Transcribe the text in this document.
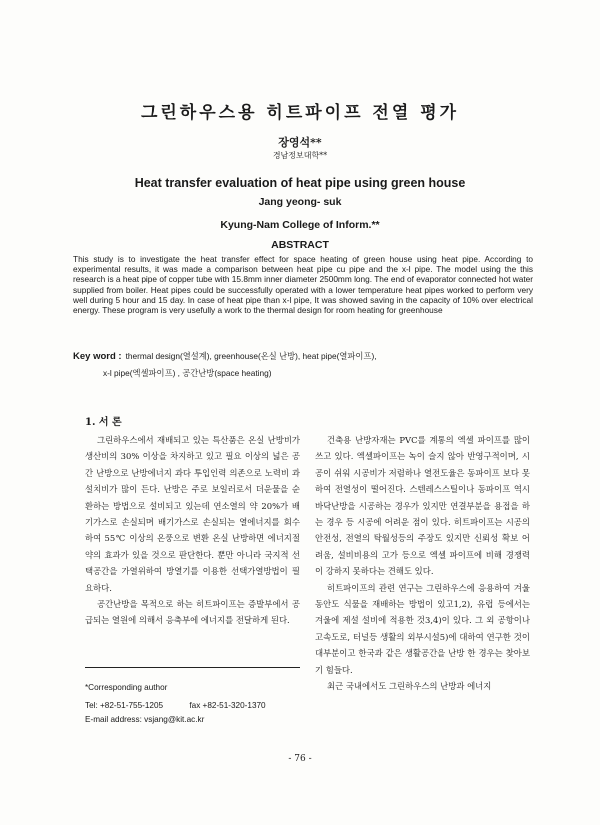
그린하우스용 히트파이프 전열 평가
장영석**
경남정보대학**
Heat transfer evaluation of heat pipe using green house
Jang yeong- suk
Kyung-Nam College of Inform.**
ABSTRACT
This study is to investigate the heat transfer effect for space heating of green house using heat pipe. According to experimental results, it was made a comparison between heat pipe cu pipe and the x-l pipe. The model using the this research is a heat pipe of copper tube with 15.8mm inner diameter 2500mm long. The end of evaporator connected hot water supplied from boiler. Heat pipes could be successfully operated with a lower temperature heat pipes worked to perform very well during 5 hour and 15 day. In case of heat pipe than x-l pipe, It was showed saving in the capacity of 10% over electrical energy. These program is very usefully a work to the thermal design for room heating for greenhouse
Key word : thermal design(열설계), greenhouse(온실 난방), heat pipe(열파이프),
x-l pipe(엑셀파이프) , 공간난방(space heating)
1. 서 론

그린하우스에서 재배되고 있는 특산품은 온실 난방비가 생산비의 30% 이상을 차지하고 있고 필요 이상의 넓은 공간 난방으로 난방에너지 과다 투입인력 의존으로 노력비 과 설치비가 많이 든다. 난방은 주로 보일러로서 더운물을 순환하는 방법으로 설비되고 있는데 연소열의 약 20%가 배기가스로 손실되며 배기가스로 손실되는 열에너지를 회수하여 55℃ 이상의 온풍으로 변환 온실 난방하면 에너지절약의 효과가 있을 것으로 판단한다. 뿐만 아니라 국지적 선택공간을 가열위하여 방열기를 이용한 선택가열방법이 필요하다.

공간난방을 목적으로 하는 히트파이프는 증발부에서 공급되는 열원에 의해서 응축부에 에너지를 전달하게 된다.

건축용 난방자재는 PVC를 계통의 엑셀 파이프를 많이 쓰고 있다. 엑셀파이프는 녹이 슬지 않아 반영구적이며, 시공이 쉬워 시공비가 저렴하나 열전도율은 동파이프 보다 못하여 전열성이 떨어진다. 스텐레스스틸이나 동파이프 역시 바닥난방을 시공하는 경우가 있지만 연결부분을 용접을 하는 경우 등 시공에 어려운 점이 있다. 히트파이프는 시공의 안전성, 전열의 탁월성등의 주장도 있지만 신뢰성 확보 어려움, 설비비용의 고가 등으로 엑셀 파이프에 비해 경쟁력이 강하지 못하다는 견해도 있다.

히트파이프의 관련 연구는 그린하우스에 응용하여 겨울 동안도 식물을 재배하는 방법이 있고1,2), 유럽 등에서는 겨울에 제설 설비에 적용한 것3,4)이 있다. 그 외 공항이나 고속도로, 터널등 생활의 외부시설5)에 대하여 연구한 것이 대부분이고 한국과 같은 생활공간을 난방 한 경우는 찾아보기 힘들다.

최근 국내에서도 그린하우스의 난방과 에너지

*Corresponding author
Tel: +82-51-755-1205	fax +82-51-320-1370
E-mail address: vsjang@kit.ac.kr
- 76 -
